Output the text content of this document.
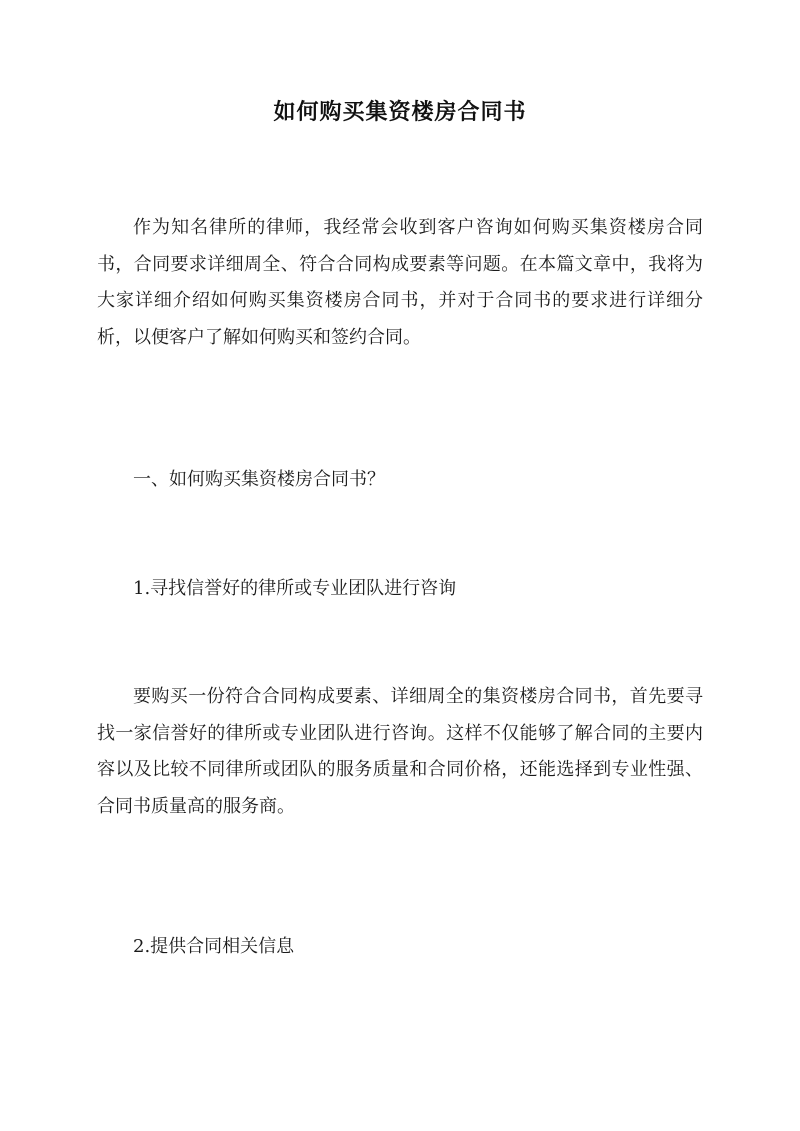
如何购买集资楼房合同书

作为知名律所的律师，我经常会收到客户咨询如何购买集资楼房合同书，合同要求详细周全、符合合同构成要素等问题。在本篇文章中，我将为大家详细介绍如何购买集资楼房合同书，并对于合同书的要求进行详细分析，以便客户了解如何购买和签约合同。

一、如何购买集资楼房合同书？

1.寻找信誉好的律所或专业团队进行咨询

要购买一份符合合同构成要素、详细周全的集资楼房合同书，首先要寻找一家信誉好的律所或专业团队进行咨询。这样不仅能够了解合同的主要内容以及比较不同律所或团队的服务质量和合同价格，还能选择到专业性强、合同书质量高的服务商。

2.提供合同相关信息
